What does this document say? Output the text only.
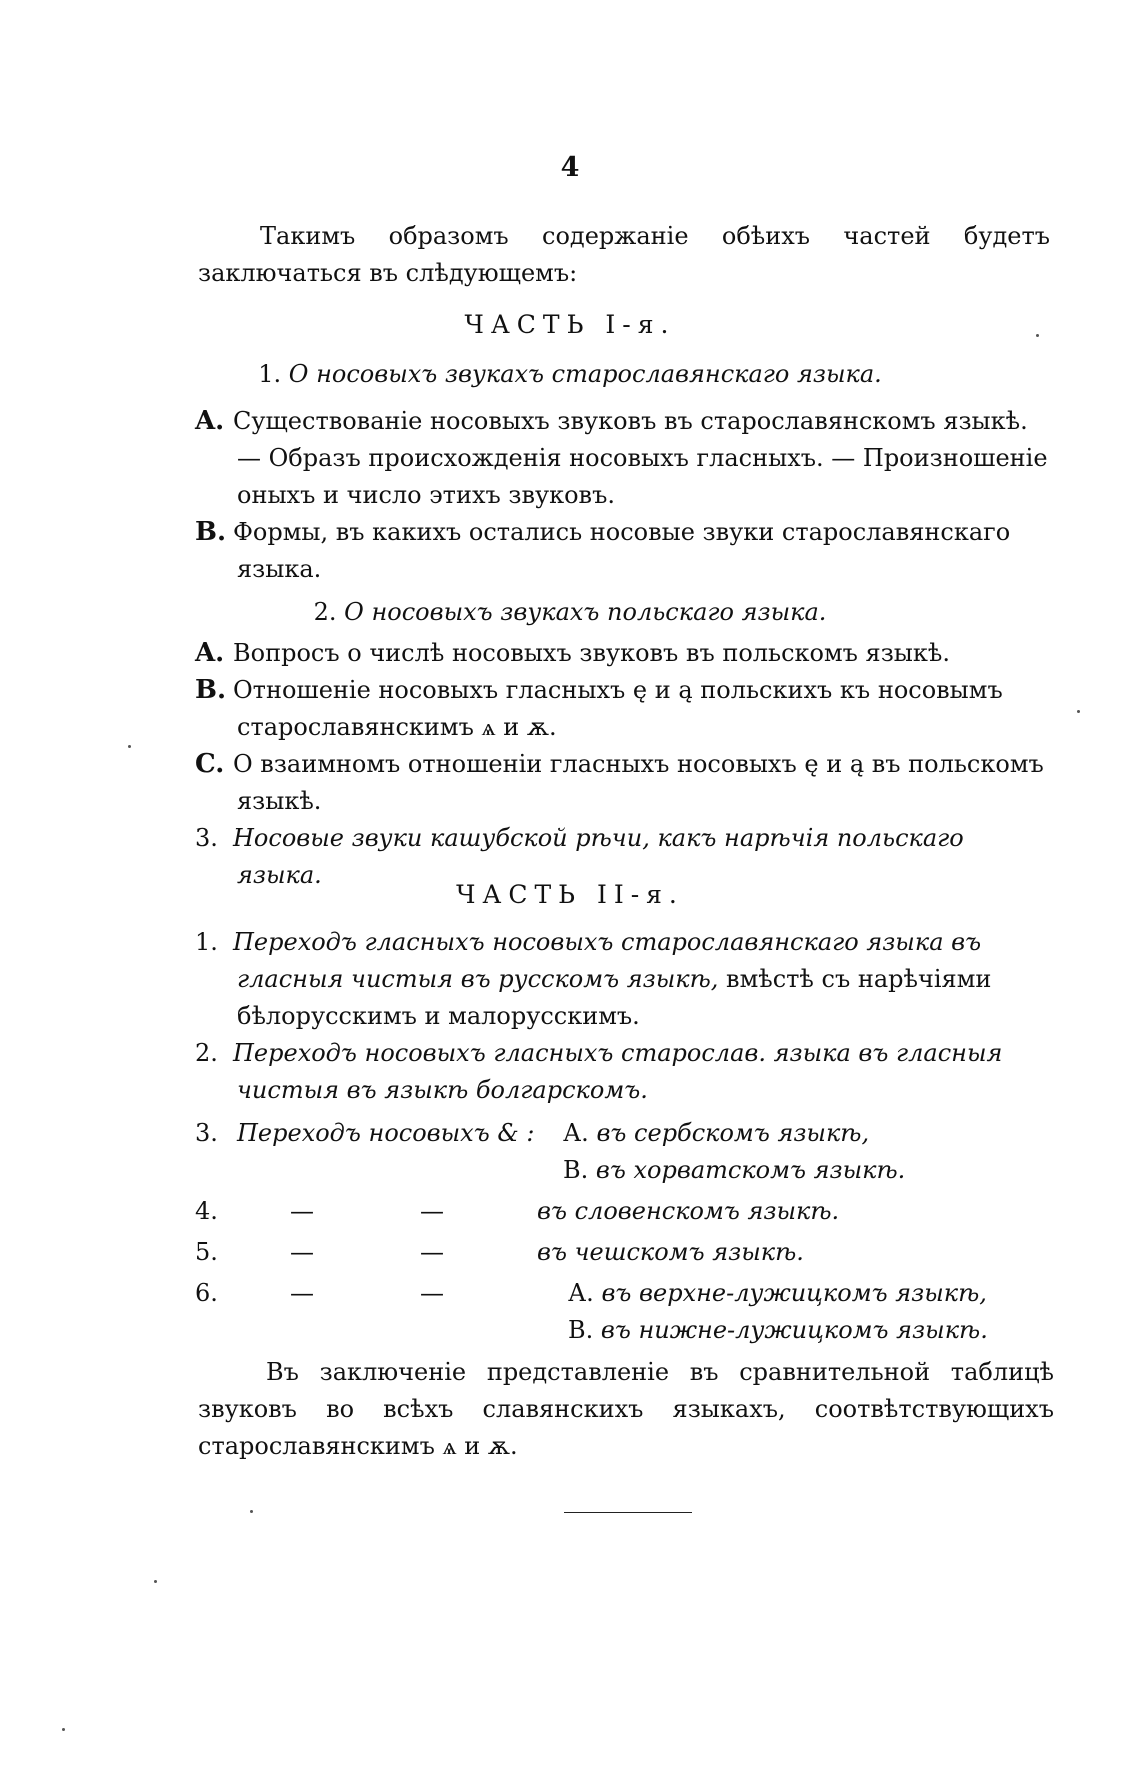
4

Такимъ образомъ содержаніе обѣихъ частей будетъ заключаться въ слѣдующемъ:

ЧАСТЬ I-я.
1. О носовыхъ звукахъ старославянскаго языка.
A. Существованіе носовыхъ звуковъ въ старославянскомъ языкѣ. — Образъ происхожденія носовыхъ гласныхъ. — Произношеніе оныхъ и число этихъ звуковъ.
B. Формы, въ какихъ остались носовые звуки старославянскаго языка.
2. О носовыхъ звукахъ польскаго языка.
A. Вопросъ о числѣ носовыхъ звуковъ въ польскомъ языкѣ.
B. Отношеніе носовыхъ гласныхъ ę и ą польскихъ къ носовымъ старославянскимъ ѧ и ѫ.
C. О взаимномъ отношеніи гласныхъ носовыхъ ę и ą въ польскомъ языкѣ.
3. Носовые звуки кашубской рѣчи, какъ нарѣчія польскаго языка.
ЧАСТЬ II-я.
1. Переходъ гласныхъ носовыхъ старославянскаго языка въ гласныя чистыя въ русскомъ языкѣ, вмѣстѣ съ нарѣчіями бѣлорусскимъ и малорусскимъ.
2. Переходъ носовыхъ гласныхъ старослав. языка въ гласныя чистыя въ языкѣ болгарскомъ.
3. Переходъ носовыхъ & : А. въ сербскомъ языкѣ,
В. въ хорватскомъ языкѣ.
4.	—	—	въ словенскомъ языкѣ.
5.	—	—	въ чешскомъ языкѣ.
6.	—	—	А. въ верхне-лужицкомъ языкѣ,
В. въ нижне-лужицкомъ языкѣ.

Въ заключеніе представленіе въ сравнительной таблицѣ звуковъ во всѣхъ славянскихъ языкахъ, соотвѣтствующихъ старославянскимъ ѧ и ѫ.
